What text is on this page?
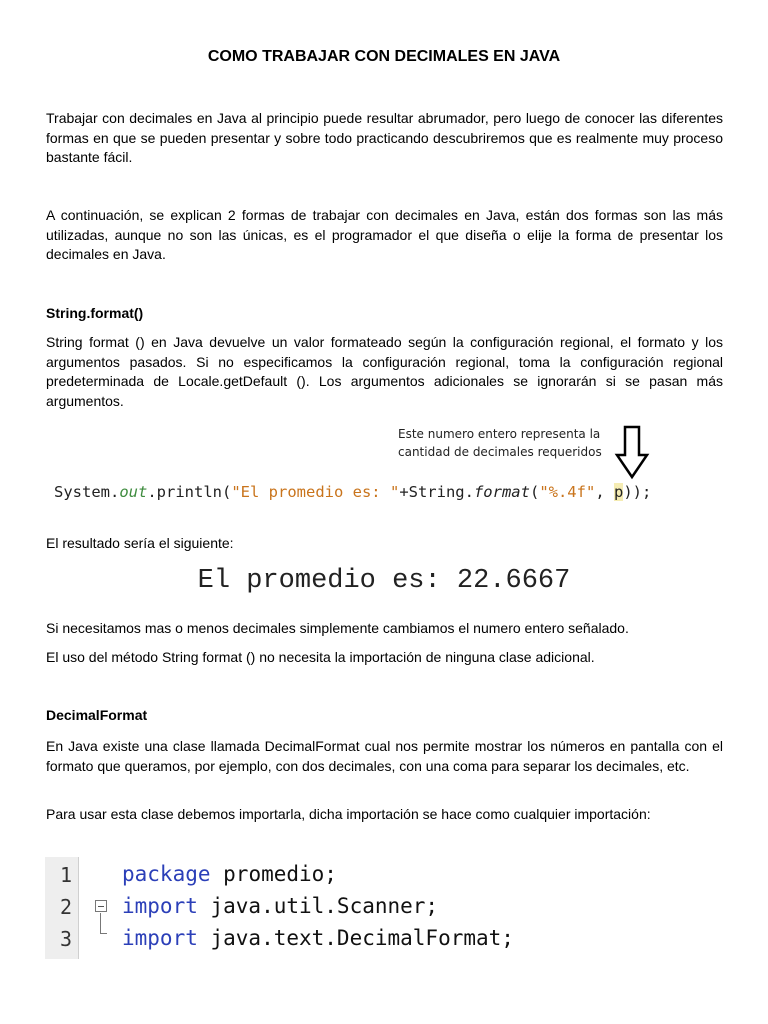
COMO TRABAJAR CON DECIMALES EN JAVA
Trabajar con decimales en Java al principio puede resultar abrumador, pero luego de conocer las diferentes formas en que se pueden presentar y sobre todo practicando descubriremos que es realmente muy proceso bastante fácil.
A continuación, se explican 2 formas de trabajar con decimales en Java, están dos formas son las más utilizadas, aunque no son las únicas, es el programador el que diseña o elije la forma de presentar los decimales en Java.
String.format()
String format () en Java devuelve un valor formateado según la configuración regional, el formato y los argumentos pasados. Si no especificamos la configuración regional, toma la configuración regional predeterminada de Locale.getDefault (). Los argumentos adicionales se ignorarán si se pasan más argumentos.
Este numero entero representa la
cantidad de decimales requeridos
System.out.println("El promedio es: "+String.format("%.4f", p));
El resultado sería el siguiente:
El promedio es: 22.6667
Si necesitamos mas o menos decimales simplemente cambiamos el numero entero señalado.
El uso del método String format () no necesita la importación de ninguna clase adicional.
DecimalFormat
En Java existe una clase llamada DecimalFormat cual nos permite mostrar los números en pantalla con el formato que queramos, por ejemplo, con dos decimales, con una coma para separar los decimales, etc.
Para usar esta clase debemos importarla, dicha importación se hace como cualquier importación:
1
2
3
package promedio;
import java.util.Scanner;
import java.text.DecimalFormat;
